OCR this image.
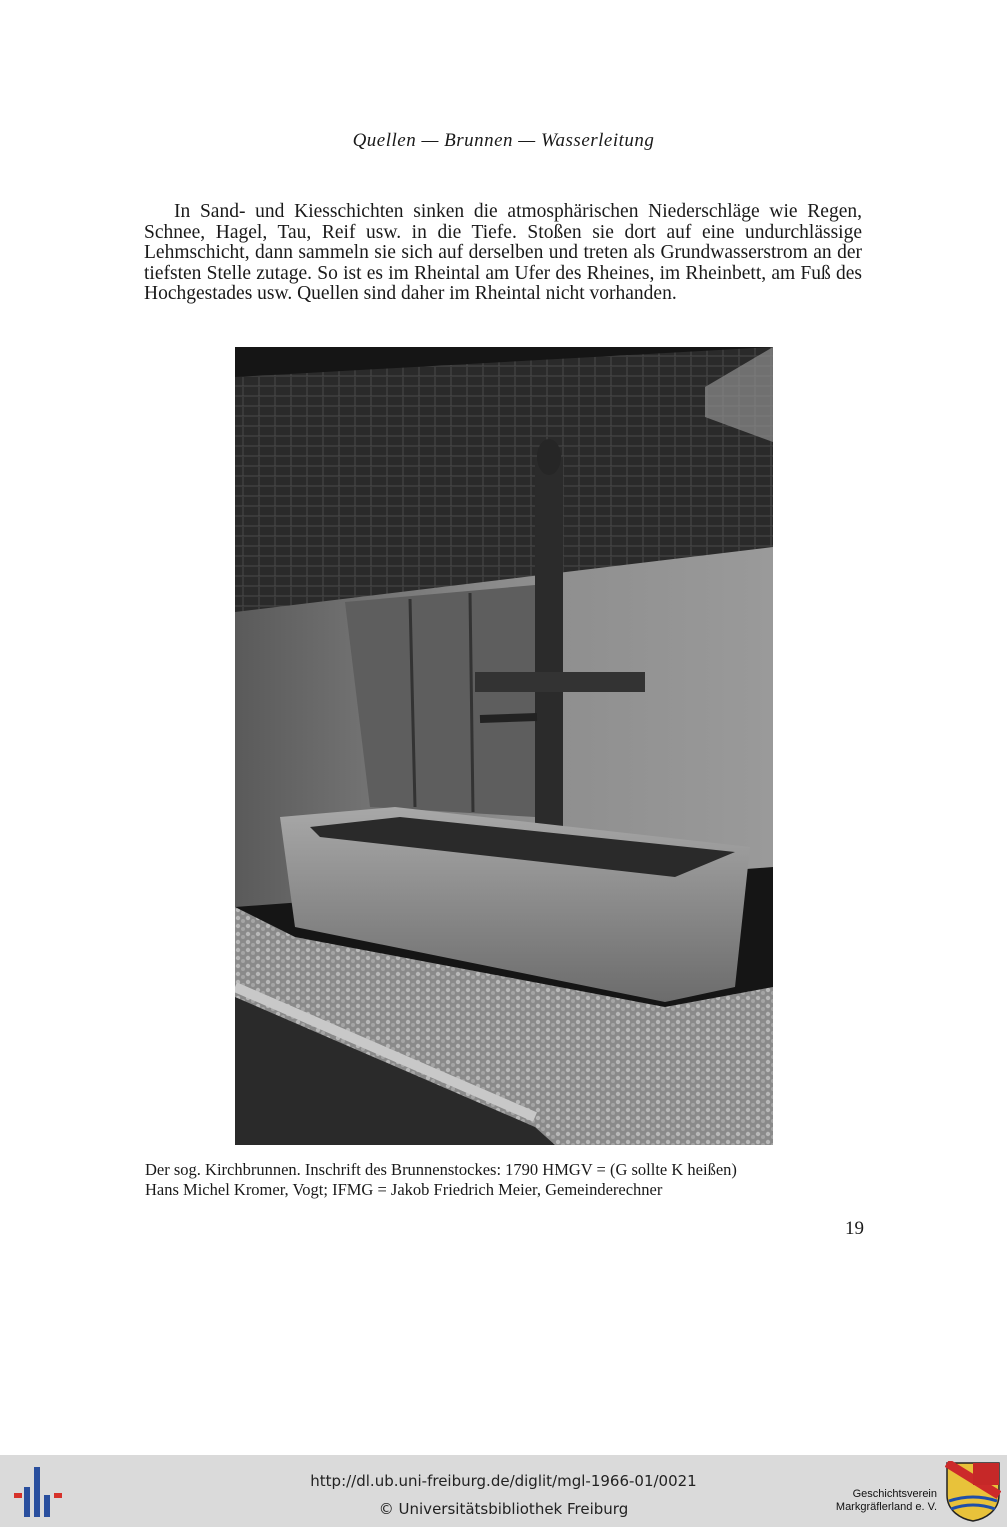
Quellen — Brunnen — Wasserleitung

In Sand- und Kiesschichten sinken die atmosphärischen Niederschläge wie Regen, Schnee, Hagel, Tau, Reif usw. in die Tiefe. Stoßen sie dort auf eine undurchlässige Lehmschicht, dann sammeln sie sich auf derselben und treten als Grundwasserstrom an der tiefsten Stelle zutage. So ist es im Rheintal am Ufer des Rheines, im Rheinbett, am Fuß des Hochgestades usw. Quellen sind daher im Rheintal nicht vorhanden.

Der sog. Kirchbrunnen. Inschrift des Brunnenstockes: 1790 HMGV = (G sollte K heißen)
Hans Michel Kromer, Vogt; IFMG = Jakob Friedrich Meier, Gemeinderechner
19
http://dl.ub.uni-freiburg.de/diglit/mgl-1966-01/0021
© Universitätsbibliothek Freiburg
Geschichtsverein
Markgräflerland e. V.
